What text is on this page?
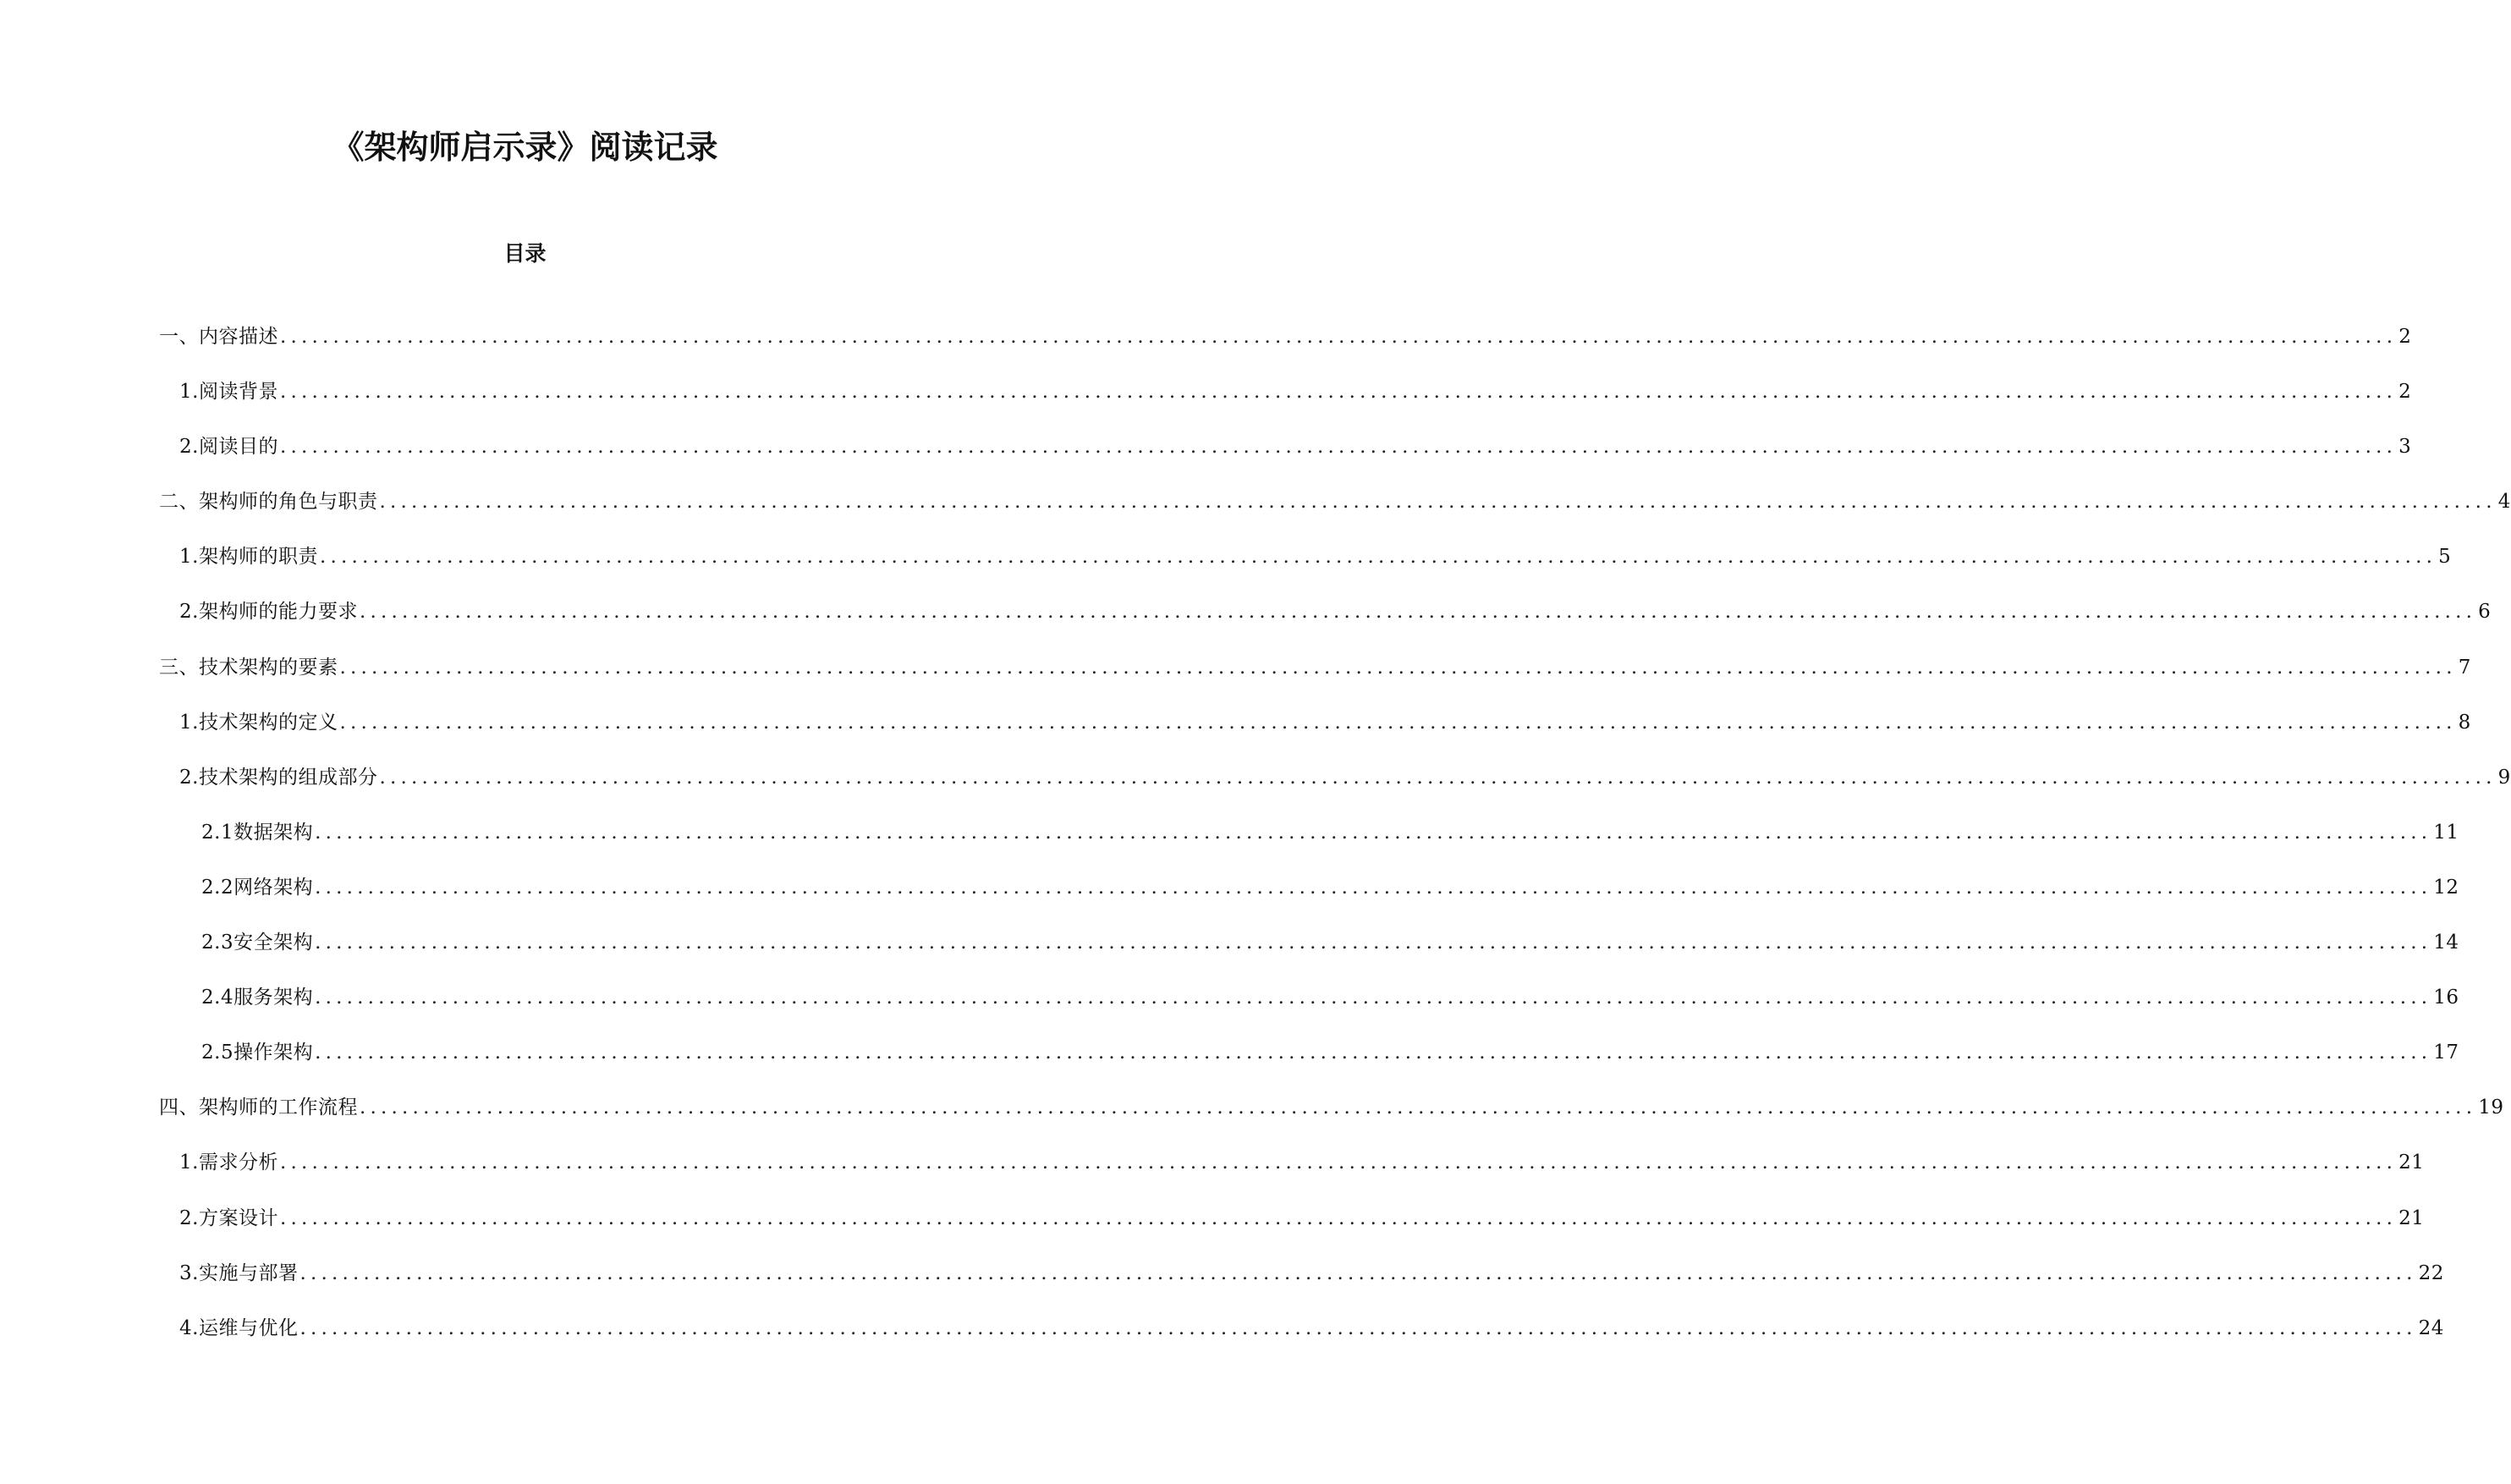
《架构师启示录》阅读记录
目录
一、 内容描述 ........................................................................................................................................................................................................ 2
1. 阅读背景 ........................................................................................................................................................................................................ 2
2. 阅读目的 ........................................................................................................................................................................................................ 3
二、 架构师的角色与职责 ........................................................................................................................................................................................................ 4
1. 架构师的职责 ........................................................................................................................................................................................................ 5
2. 架构师的能力要求 ........................................................................................................................................................................................................ 6
三、 技术架构的要素 ........................................................................................................................................................................................................ 7
1. 技术架构的定义 ........................................................................................................................................................................................................ 8
2. 技术架构的组成部分 ........................................................................................................................................................................................................ 9
2.1 数据架构 ........................................................................................................................................................................................................ 11
2.2 网络架构 ........................................................................................................................................................................................................ 12
2.3 安全架构 ........................................................................................................................................................................................................ 14
2.4 服务架构 ........................................................................................................................................................................................................ 16
2.5 操作架构 ........................................................................................................................................................................................................ 17
四、 架构师的工作流程 ........................................................................................................................................................................................................ 19
1. 需求分析 ........................................................................................................................................................................................................ 21
2. 方案设计 ........................................................................................................................................................................................................ 21
3. 实施与部署 ........................................................................................................................................................................................................ 22
4. 运维与优化 ........................................................................................................................................................................................................ 24
